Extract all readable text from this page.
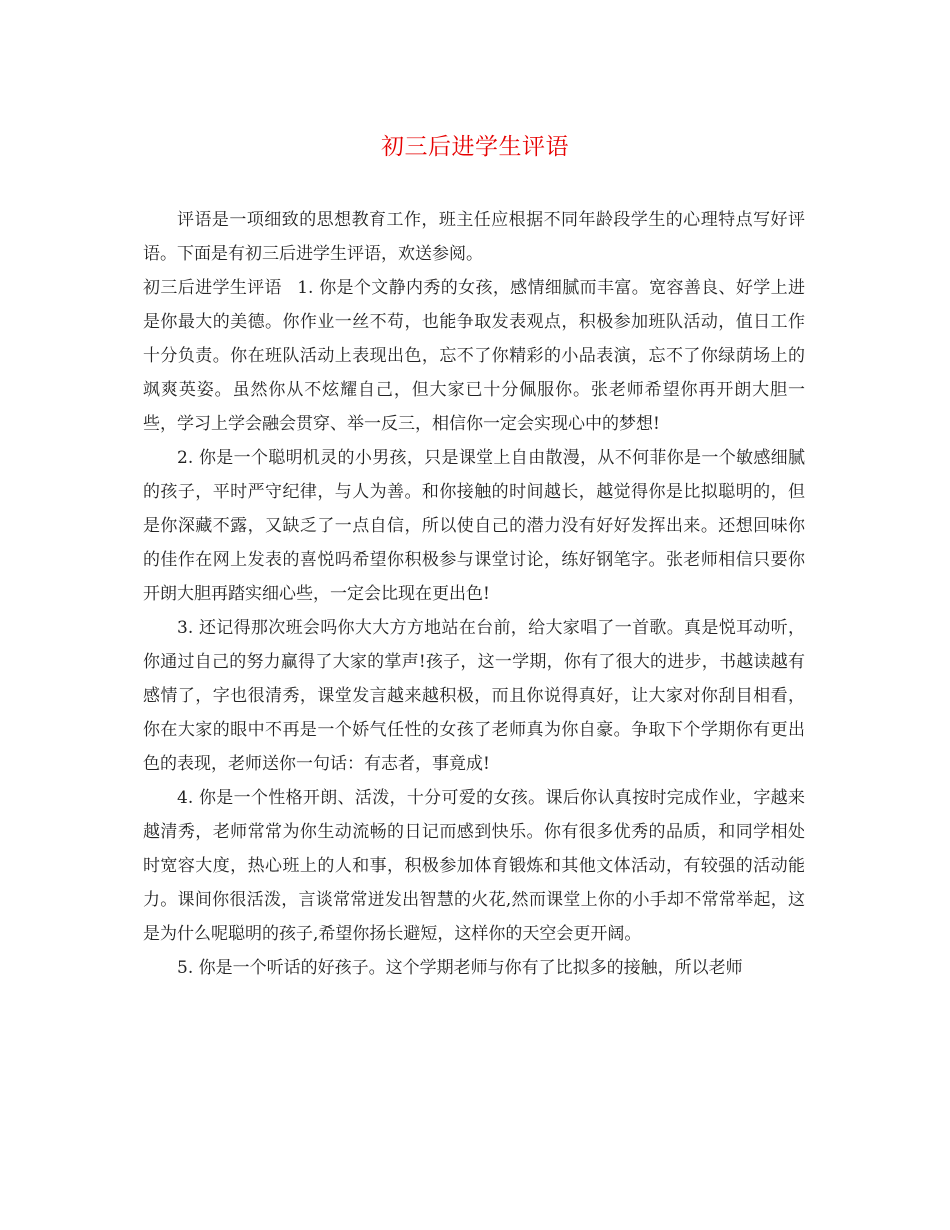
初三后进学生评语

评语是一项细致的思想教育工作，班主任应根据不同年龄段学生的心理特点写好评语。下面是有初三后进学生评语，欢送参阅。

初三后进学生评语 1. 你是个文静内秀的女孩，感情细腻而丰富。宽容善良、好学上进是你最大的美德。你作业一丝不苟，也能争取发表观点，积极参加班队活动，值日工作十分负责。你在班队活动上表现出色，忘不了你精彩的小品表演，忘不了你绿荫场上的飒爽英姿。虽然你从不炫耀自己，但大家已十分佩服你。张老师希望你再开朗大胆一些，学习上学会融会贯穿、举一反三，相信你一定会实现心中的梦想!

2. 你是一个聪明机灵的小男孩，只是课堂上自由散漫，从不何菲你是一个敏感细腻的孩子，平时严守纪律，与人为善。和你接触的时间越长，越觉得你是比拟聪明的，但是你深藏不露，又缺乏了一点自信，所以使自己的潜力没有好好发挥出来。还想回味你的佳作在网上发表的喜悦吗希望你积极参与课堂讨论，练好钢笔字。张老师相信只要你开朗大胆再踏实细心些，一定会比现在更出色!

3. 还记得那次班会吗你大大方方地站在台前，给大家唱了一首歌。真是悦耳动听，你通过自己的努力赢得了大家的掌声!孩子，这一学期，你有了很大的进步，书越读越有感情了，字也很清秀，课堂发言越来越积极，而且你说得真好，让大家对你刮目相看，你在大家的眼中不再是一个娇气任性的女孩了老师真为你自豪。争取下个学期你有更出色的表现，老师送你一句话：有志者，事竟成!

4. 你是一个性格开朗、活泼，十分可爱的女孩。课后你认真按时完成作业，字越来越清秀，老师常常为你生动流畅的日记而感到快乐。你有很多优秀的品质，和同学相处时宽容大度，热心班上的人和事，积极参加体育锻炼和其他文体活动，有较强的活动能力。课间你很活泼，言谈常常迸发出智慧的火花,然而课堂上你的小手却不常常举起，这是为什么呢聪明的孩子,希望你扬长避短，这样你的天空会更开阔。

5. 你是一个听话的好孩子。这个学期老师与你有了比拟多的接触，所以老师
